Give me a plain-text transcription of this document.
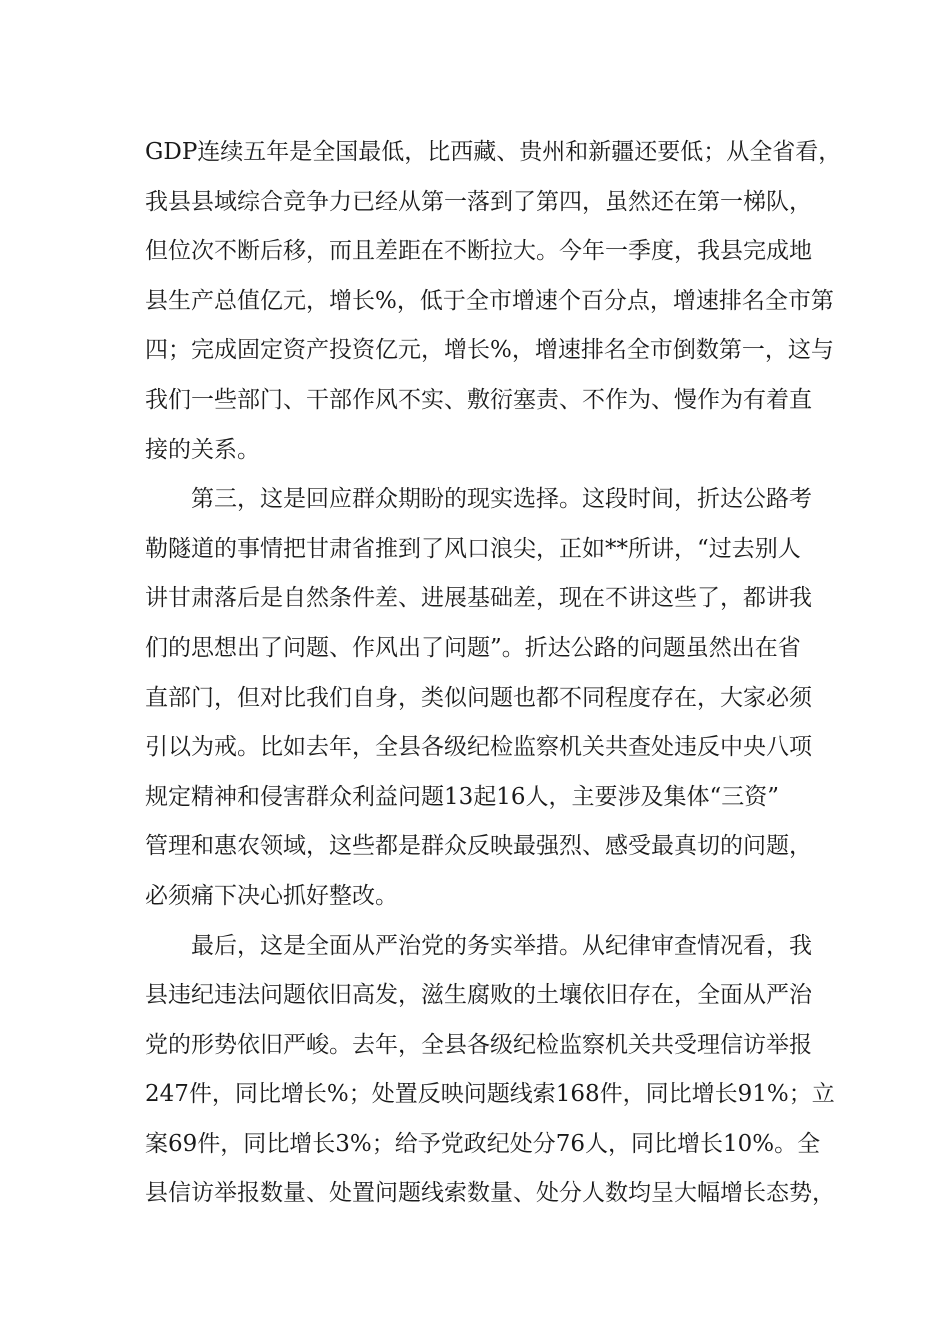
GDP连续五年是全国最低，比西藏、贵州和新疆还要低；从全省看，
我县县域综合竞争力已经从第一落到了第四，虽然还在第一梯队，
但位次不断后移，而且差距在不断拉大。今年一季度，我县完成地
县生产总值亿元，增长%，低于全市增速个百分点，增速排名全市第
四；完成固定资产投资亿元，增长%，增速排名全市倒数第一，这与
我们一些部门、干部作风不实、敷衍塞责、不作为、慢作为有着直
接的关系。
第三，这是回应群众期盼的现实选择。这段时间，折达公路考
勒隧道的事情把甘肃省推到了风口浪尖，正如**所讲，“过去别人
讲甘肃落后是自然条件差、进展基础差，现在不讲这些了，都讲我
们的思想出了问题、作风出了问题”。折达公路的问题虽然出在省
直部门，但对比我们自身，类似问题也都不同程度存在，大家必须
引以为戒。比如去年，全县各级纪检监察机关共查处违反中央八项
规定精神和侵害群众利益问题13起16人，主要涉及集体“三资”
管理和惠农领域，这些都是群众反映最强烈、感受最真切的问题，
必须痛下决心抓好整改。
最后，这是全面从严治党的务实举措。从纪律审查情况看，我
县违纪违法问题依旧高发，滋生腐败的土壤依旧存在，全面从严治
党的形势依旧严峻。去年，全县各级纪检监察机关共受理信访举报
247件，同比增长%；处置反映问题线索168件，同比增长91%；立
案69件，同比增长3%；给予党政纪处分76人，同比增长10%。全
县信访举报数量、处置问题线索数量、处分人数均呈大幅增长态势，
